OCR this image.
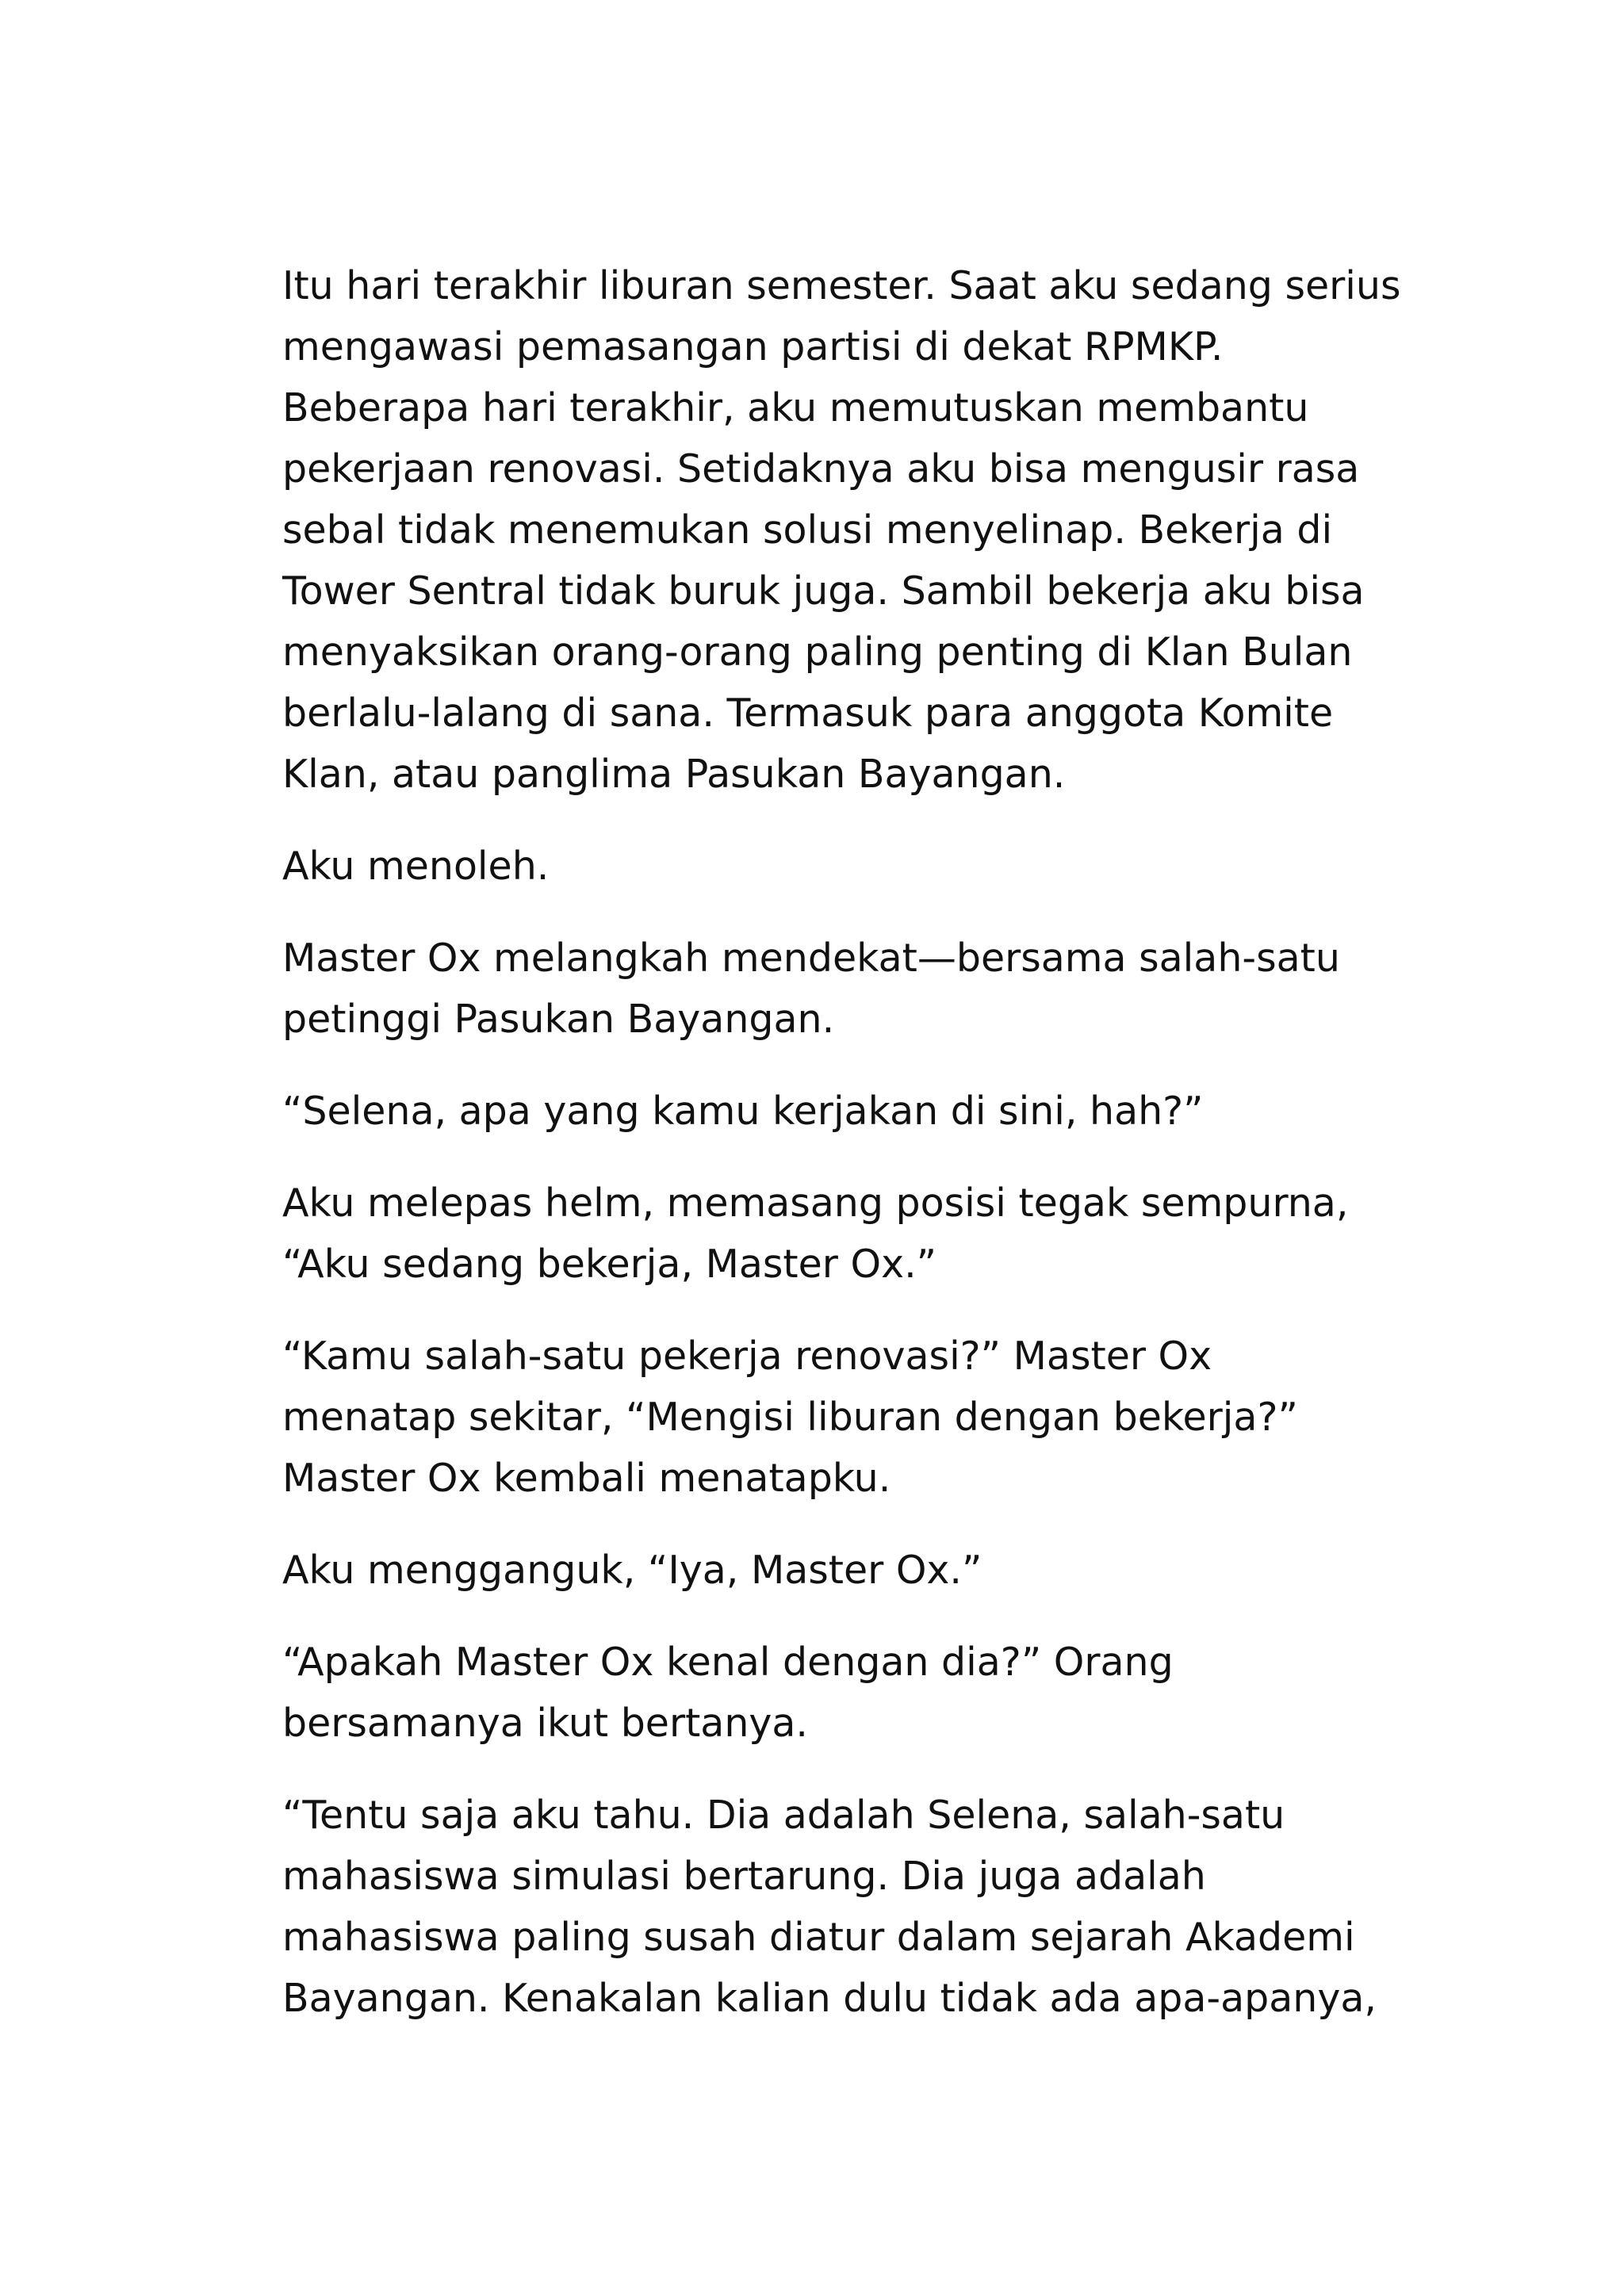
Itu hari terakhir liburan semester. Saat aku sedang serius
mengawasi pemasangan partisi di dekat RPMKP.
Beberapa hari terakhir, aku memutuskan membantu
pekerjaan renovasi. Setidaknya aku bisa mengusir rasa
sebal tidak menemukan solusi menyelinap. Bekerja di
Tower Sentral tidak buruk juga. Sambil bekerja aku bisa
menyaksikan orang-orang paling penting di Klan Bulan
berlalu-lalang di sana. Termasuk para anggota Komite
Klan, atau panglima Pasukan Bayangan.

Aku menoleh.

Master Ox melangkah mendekat—bersama salah-satu
petinggi Pasukan Bayangan.

“Selena, apa yang kamu kerjakan di sini, hah?”

Aku melepas helm, memasang posisi tegak sempurna,
“Aku sedang bekerja, Master Ox.”

“Kamu salah-satu pekerja renovasi?” Master Ox
menatap sekitar, “Mengisi liburan dengan bekerja?”
Master Ox kembali menatapku.

Aku mengganguk, “Iya, Master Ox.”

“Apakah Master Ox kenal dengan dia?” Orang
bersamanya ikut bertanya.

“Tentu saja aku tahu. Dia adalah Selena, salah-satu
mahasiswa simulasi bertarung. Dia juga adalah
mahasiswa paling susah diatur dalam sejarah Akademi
Bayangan. Kenakalan kalian dulu tidak ada apa-apanya,
